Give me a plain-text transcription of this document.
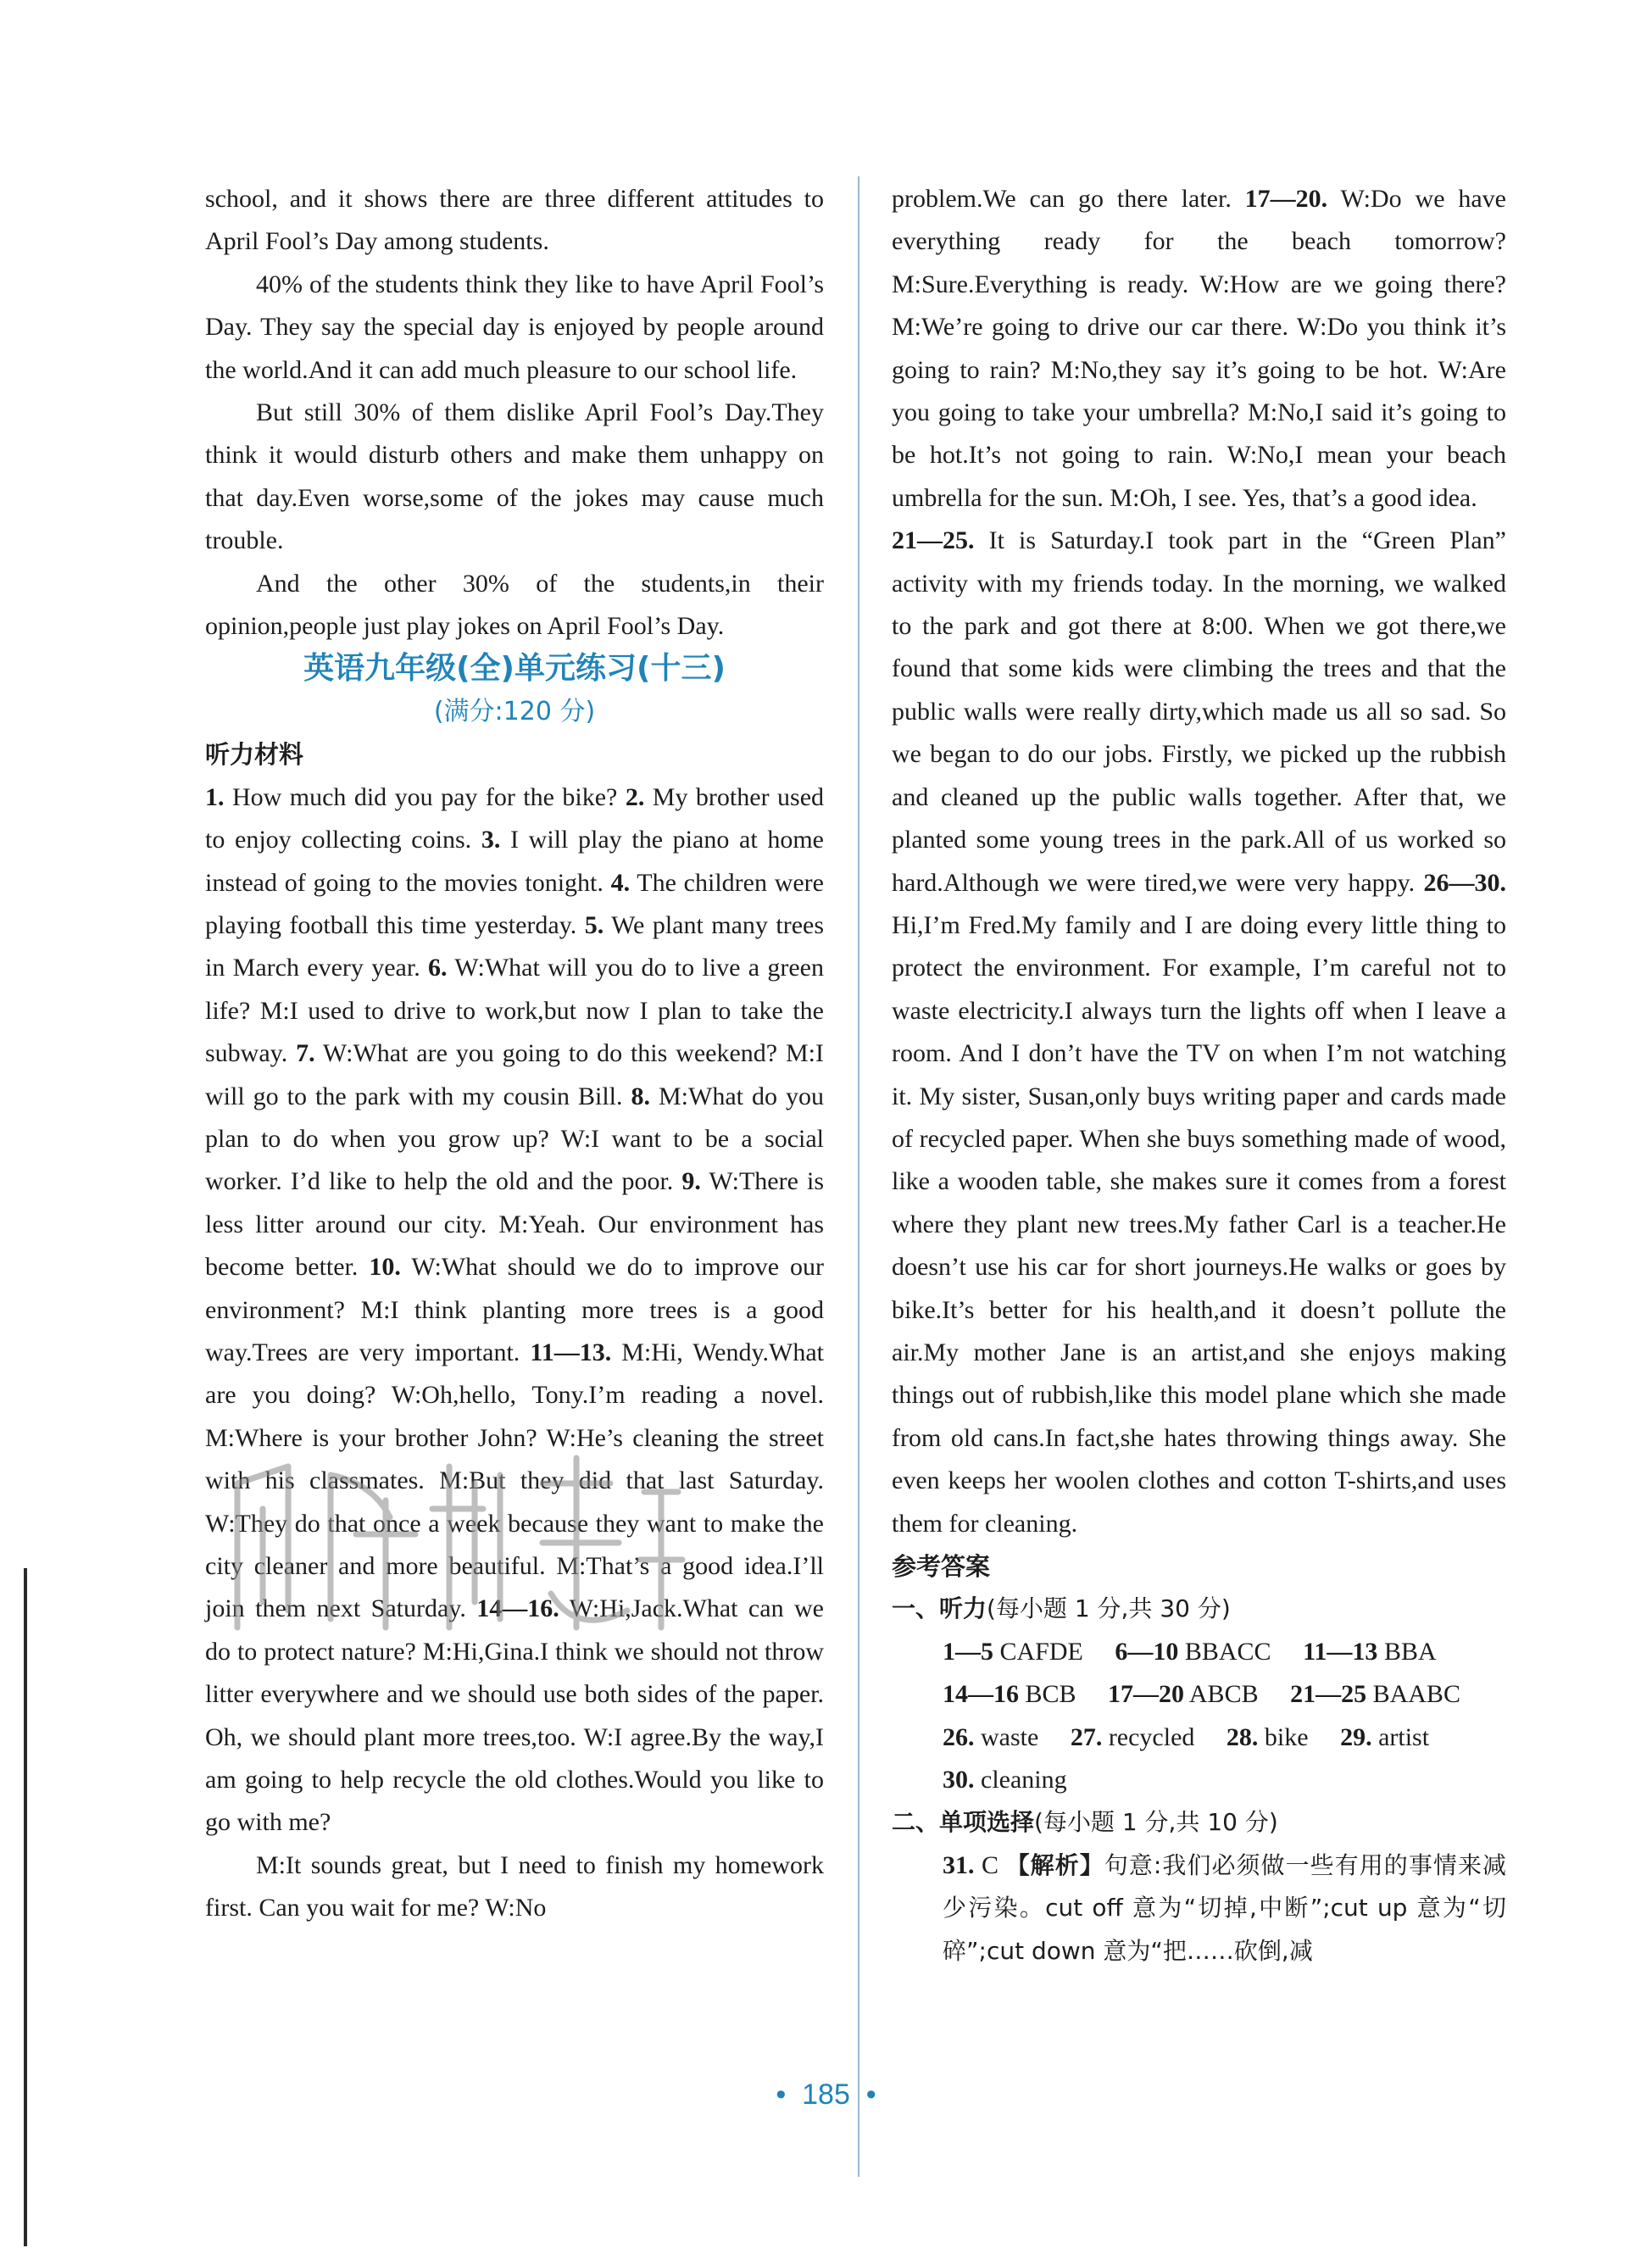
school, and it shows there are three different attitudes to April Fool’s Day among students.

40% of the students think they like to have April Fool’s Day. They say the special day is enjoyed by people around the world.And it can add much pleasure to our school life.

But still 30% of them dislike April Fool’s Day.They think it would disturb others and make them unhappy on that day.Even worse,some of the jokes may cause much trouble.

And the other 30% of the students,in their opinion,people just play jokes on April Fool’s Day.

英语九年级(全)单元练习(十三)

(满分:120 分)

听力材料

1. How much did you pay for the bike? 2. My brother used to enjoy collecting coins. 3. I will play the piano at home instead of going to the movies tonight. 4. The children were playing football this time yesterday. 5. We plant many trees in March every year. 6. W:What will you do to live a green life? M:I used to drive to work,but now I plan to take the subway. 7. W:What are you going to do this weekend? M:I will go to the park with my cousin Bill. 8. M:What do you plan to do when you grow up? W:I want to be a social worker. I’d like to help the old and the poor. 9. W:There is less litter around our city. M:Yeah. Our environment has become better. 10. W:What should we do to improve our environment? M:I think planting more trees is a good way.Trees are very important. 11—13. M:Hi, Wendy.What are you doing? W:Oh,hello, Tony.I’m reading a novel. M:Where is your brother John? W:He’s cleaning the street with his classmates. M:But they did that last Saturday. W:They do that once a week because they want to make the city cleaner and more beautiful. M:That’s a good idea.I’ll join them next Saturday. 14—16. W:Hi,Jack.What can we do to protect nature? M:Hi,Gina.I think we should not throw litter everywhere and we should use both sides of the paper. Oh, we should plant more trees,too. W:I agree.By the way,I am going to help recycle the old clothes.Would you like to go with me?

M:It sounds great, but I need to finish my homework first. Can you wait for me? W:No

problem.We can go there later. 17—20. W:Do we have everything ready for the beach tomorrow? M:Sure.Everything is ready. W:How are we going there? M:We’re going to drive our car there. W:Do you think it’s going to rain? M:No,they say it’s going to be hot. W:Are you going to take your umbrella? M:No,I said it’s going to be hot.It’s not going to rain. W:No,I mean your beach umbrella for the sun. M:Oh, I see. Yes, that’s a good idea.

21—25. It is Saturday.I took part in the “Green Plan” activity with my friends today. In the morning, we walked to the park and got there at 8:00. When we got there,we found that some kids were climbing the trees and that the public walls were really dirty,which made us all so sad. So we began to do our jobs. Firstly, we picked up the rubbish and cleaned up the public walls together. After that, we planted some young trees in the park.All of us worked so hard.Although we were tired,we were very happy. 26—30. Hi,I’m Fred.My family and I are doing every little thing to protect the environment. For example, I’m careful not to waste electricity.I always turn the lights off when I leave a room. And I don’t have the TV on when I’m not watching it. My sister, Susan,only buys writing paper and cards made of recycled paper. When she buys something made of wood, like a wooden table, she makes sure it comes from a forest where they plant new trees.My father Carl is a teacher.He doesn’t use his car for short journeys.He walks or goes by bike.It’s better for his health,and it doesn’t pollute the air.My mother Jane is an artist,and she enjoys making things out of rubbish,like this model plane which she made from old cans.In fact,she hates throwing things away. She even keeps her woolen clothes and cotton T-shirts,and uses them for cleaning.

参考答案
一、听力(每小题 1 分,共 30 分)

1—5 CAFDE 6—10 BBACC 11—13 BBA

14—16 BCB 17—20 ABCB 21—25 BAABC

26. waste 27. recycled 28. bike 29. artist

30. cleaning

二、单项选择(每小题 1 分,共 10 分)

31. C 【解析】句意:我们必须做一些有用的事情来减少污染。cut off 意为“切掉,中断”;cut up 意为“切碎”;cut down 意为“把……砍倒,减

• 185 •
